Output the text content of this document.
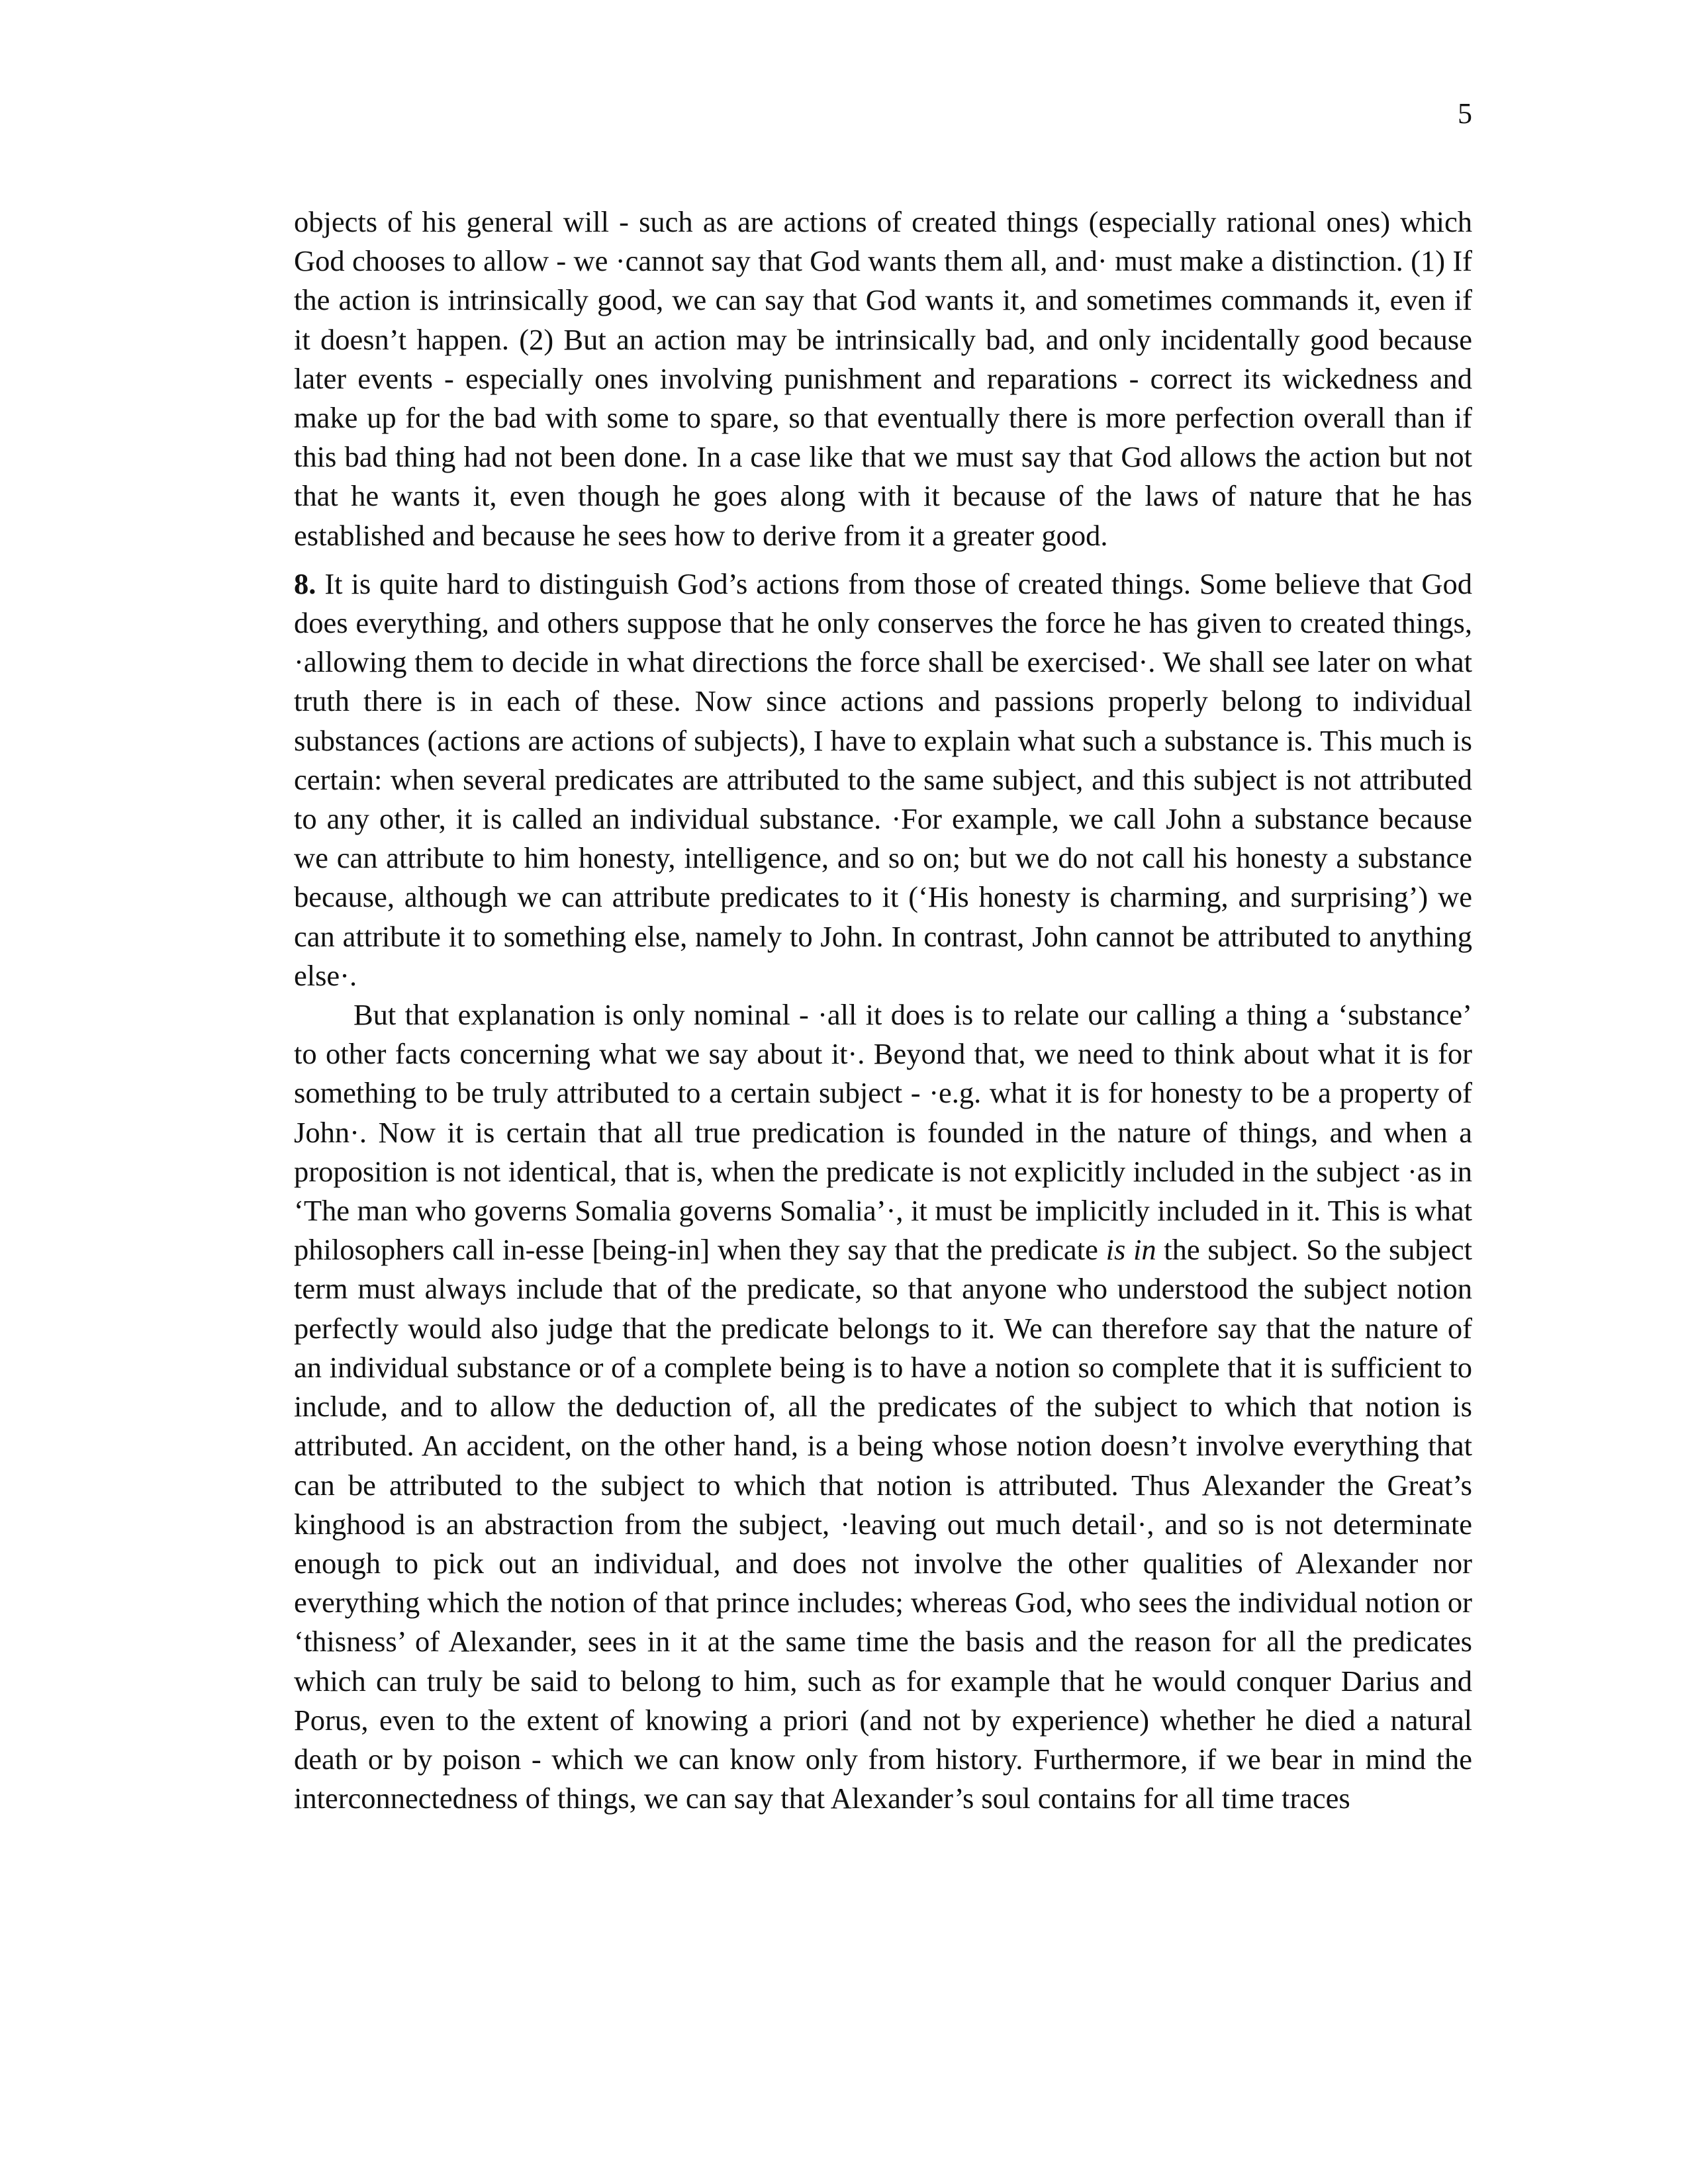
5

objects of his general will - such as are actions of created things (especially rational ones) which God chooses to allow - we ·cannot say that God wants them all, and· must make a distinction. (1) If the action is intrinsically good, we can say that God wants it, and sometimes commands it, even if it doesn’t happen. (2) But an action may be intrinsically bad, and only incidentally good because later events - especially ones involving punishment and reparations - correct its wickedness and make up for the bad with some to spare, so that eventually there is more perfection overall than if this bad thing had not been done. In a case like that we must say that God allows the action but not that he wants it, even though he goes along with it because of the laws of nature that he has established and because he sees how to derive from it a greater good.

8. It is quite hard to distinguish God’s actions from those of created things. Some believe that God does everything, and others suppose that he only conserves the force he has given to created things, ·allowing them to decide in what directions the force shall be exercised·. We shall see later on what truth there is in each of these. Now since actions and passions properly belong to individual substances (actions are actions of subjects), I have to explain what such a substance is. This much is certain: when several predicates are attributed to the same subject, and this subject is not attributed to any other, it is called an individual substance. ·For example, we call John a substance because we can attribute to him honesty, intelligence, and so on; but we do not call his honesty a substance because, although we can attribute predicates to it (‘His honesty is charming, and surprising’) we can attribute it to something else, namely to John. In contrast, John cannot be attributed to anything else·.

But that explanation is only nominal - ·all it does is to relate our calling a thing a ‘substance’ to other facts concerning what we say about it·. Beyond that, we need to think about what it is for something to be truly attributed to a certain subject - ·e.g. what it is for honesty to be a property of John·. Now it is certain that all true predication is founded in the nature of things, and when a proposition is not identical, that is, when the predicate is not explicitly included in the subject ·as in ‘The man who governs Somalia governs Somalia’·, it must be implicitly included in it. This is what philosophers call in-esse [being-in] when they say that the predicate is in the subject. So the subject term must always include that of the predicate, so that anyone who understood the subject notion perfectly would also judge that the predicate belongs to it. We can therefore say that the nature of an individual substance or of a complete being is to have a notion so complete that it is sufficient to include, and to allow the deduction of, all the predicates of the subject to which that notion is attributed. An accident, on the other hand, is a being whose notion doesn’t involve everything that can be attributed to the subject to which that notion is attributed. Thus Alexander the Great’s kinghood is an abstraction from the subject, ·leaving out much detail·, and so is not determinate enough to pick out an individual, and does not involve the other qualities of Alexander nor everything which the notion of that prince includes; whereas God, who sees the individual notion or ‘thisness’ of Alexander, sees in it at the same time the basis and the reason for all the predicates which can truly be said to belong to him, such as for example that he would conquer Darius and Porus, even to the extent of knowing a priori (and not by experience) whether he died a natural death or by poison - which we can know only from history. Furthermore, if we bear in mind the interconnectedness of things, we can say that Alexander’s soul contains for all time traces
